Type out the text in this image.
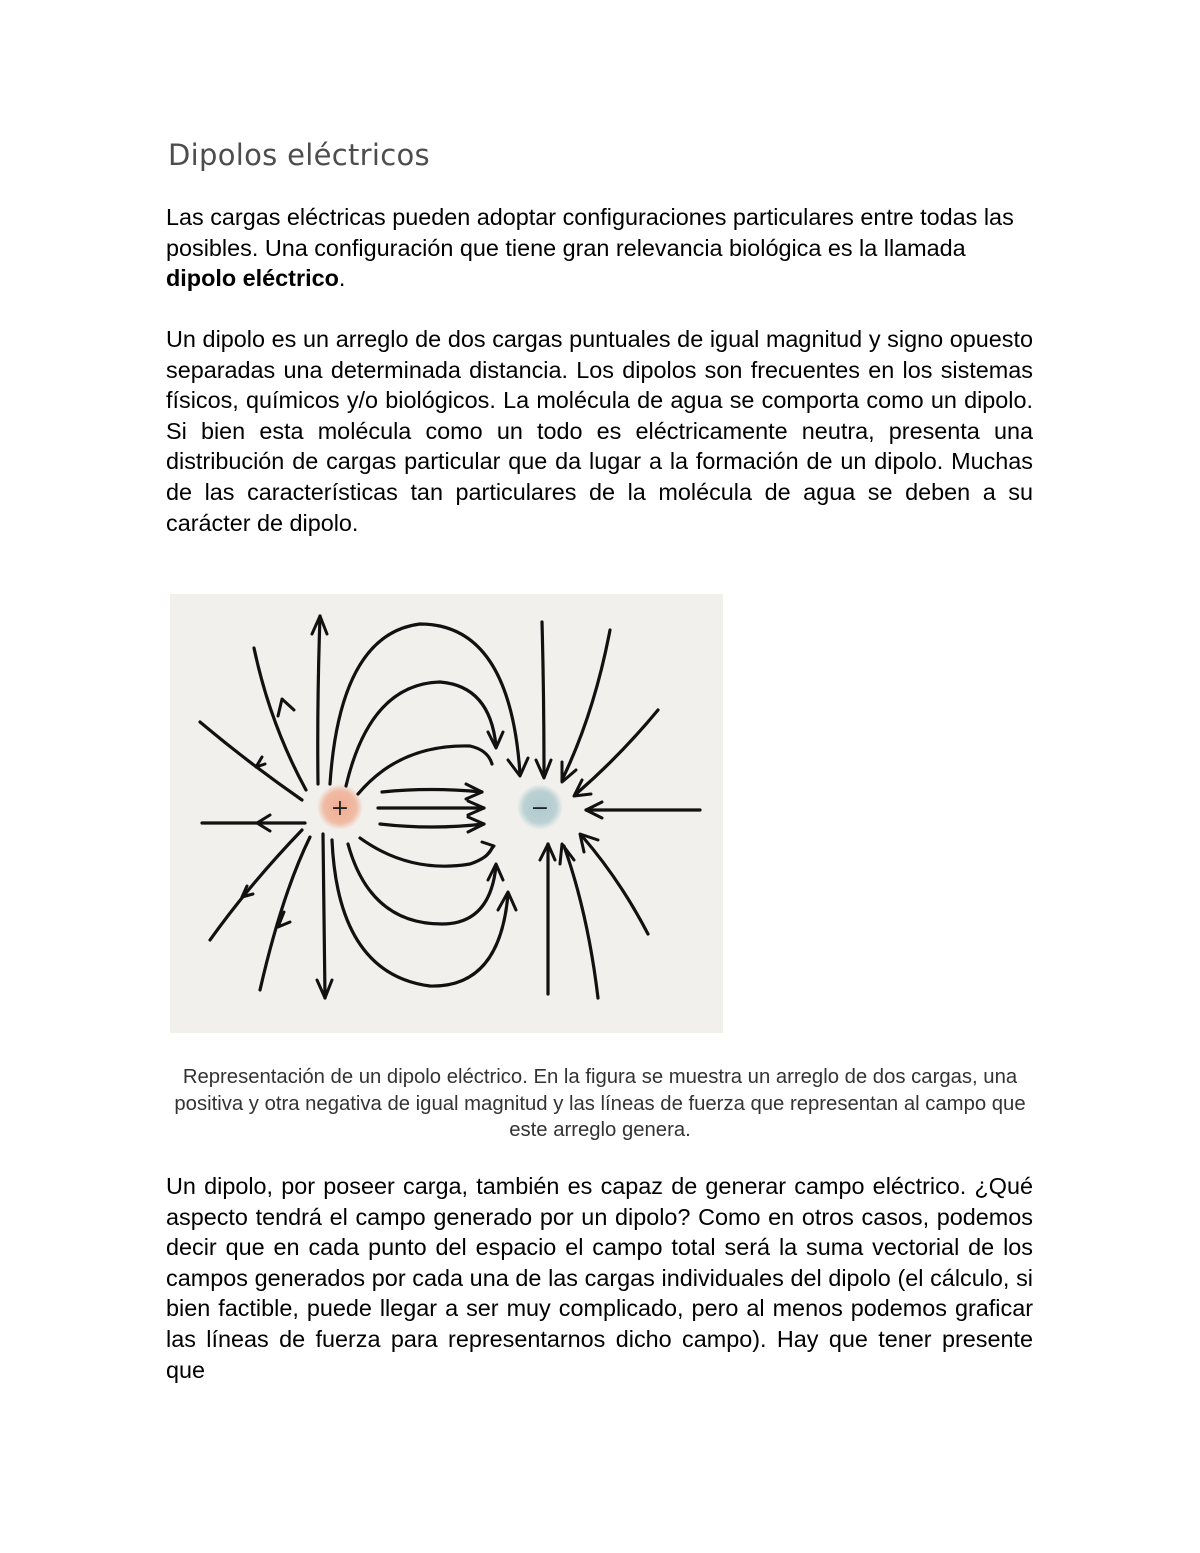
Dipolos eléctricos

Las cargas eléctricas pueden adoptar configuraciones particulares entre todas las posibles. Una configuración que tiene gran relevancia biológica es la llamada dipolo eléctrico.

Un dipolo es un arreglo de dos cargas puntuales de igual magnitud y signo opuesto separadas una determinada distancia. Los dipolos son frecuentes en los sistemas físicos, químicos y/o biológicos. La molécula de agua se comporta como un dipolo. Si bien esta molécula como un todo es eléctricamente neutra, presenta una distribución de cargas particular que da lugar a la formación de un dipolo. Muchas de las características tan particulares de la molécula de agua se deben a su carácter de dipolo.

+	−

Representación de un dipolo eléctrico. En la figura se muestra un arreglo de dos cargas, una positiva y otra negativa de igual magnitud y las líneas de fuerza que representan al campo que este arreglo genera.

Un dipolo, por poseer carga, también es capaz de generar campo eléctrico. ¿Qué aspecto tendrá el campo generado por un dipolo? Como en otros casos, podemos decir que en cada punto del espacio el campo total será la suma vectorial de los campos generados por cada una de las cargas individuales del dipolo (el cálculo, si bien factible, puede llegar a ser muy complicado, pero al menos podemos graficar las líneas de fuerza para representarnos dicho campo). Hay que tener presente que
